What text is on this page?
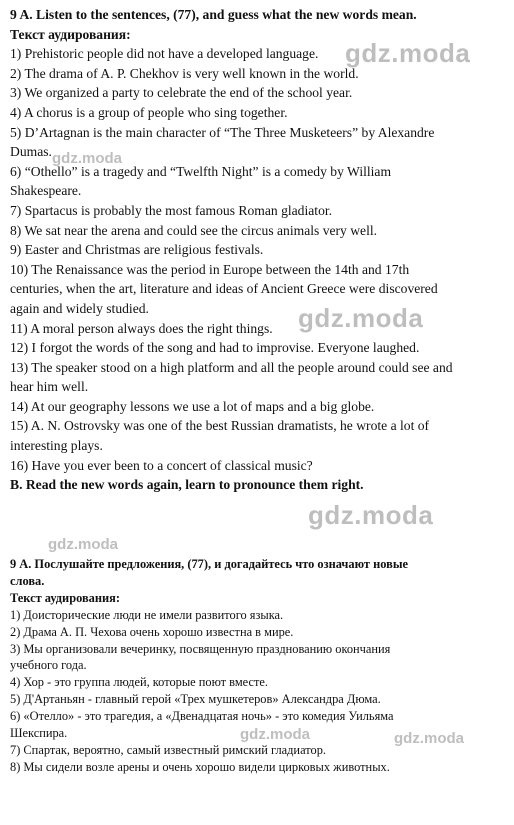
9 A. Listen to the sentences, (77), and guess what the new words mean.
Текст аудирования:
1) Prehistoric people did not have a developed language.
2) The drama of A. P. Chekhov is very well known in the world.
3) We organized a party to celebrate the end of the school year.
4) A chorus is a group of people who sing together.
5) D’Artagnan is the main character of “The Three Musketeers” by Alexandre
Dumas.
6) “Othello” is a tragedy and “Twelfth Night” is a comedy by William
Shakespeare.
7) Spartacus is probably the most famous Roman gladiator.
8) We sat near the arena and could see the circus animals very well.
9) Easter and Christmas are religious festivals.
10) The Renaissance was the period in Europe between the 14th and 17th
centuries, when the art, literature and ideas of Ancient Greece were discovered
again and widely studied.
11) A moral person always does the right things.
12) I forgot the words of the song and had to improvise. Everyone laughed.
13) The speaker stood on a high platform and all the people around could see and
hear him well.
14) At our geography lessons we use a lot of maps and a big globe.
15) A. N. Ostrovsky was one of the best Russian dramatists, he wrote a lot of
interesting plays.
16) Have you ever been to a concert of classical music?
B. Read the new words again, learn to pronounce them right.
9 А. Послушайте предложения, (77), и догадайтесь что означают новые
слова.
Текст аудирования:
1) Доисторические люди не имели развитого языка.
2) Драма А. П. Чехова очень хорошо известна в мире.
3) Мы организовали вечеринку, посвященную празднованию окончания
учебного года.
4) Хор - это группа людей, которые поют вместе.
5) Д'Артаньян - главный герой «Трех мушкетеров» Александра Дюма.
6) «Отелло» - это трагедия, а «Двенадцатая ночь» - это комедия Уильяма
Шекспира.
7) Спартак, вероятно, самый известный римский гладиатор.
8) Мы сидели возле арены и очень хорошо видели цирковых животных.
gdz.moda
gdz.moda
gdz.moda
gdz.moda
gdz.moda
gdz.moda	gdz.moda
